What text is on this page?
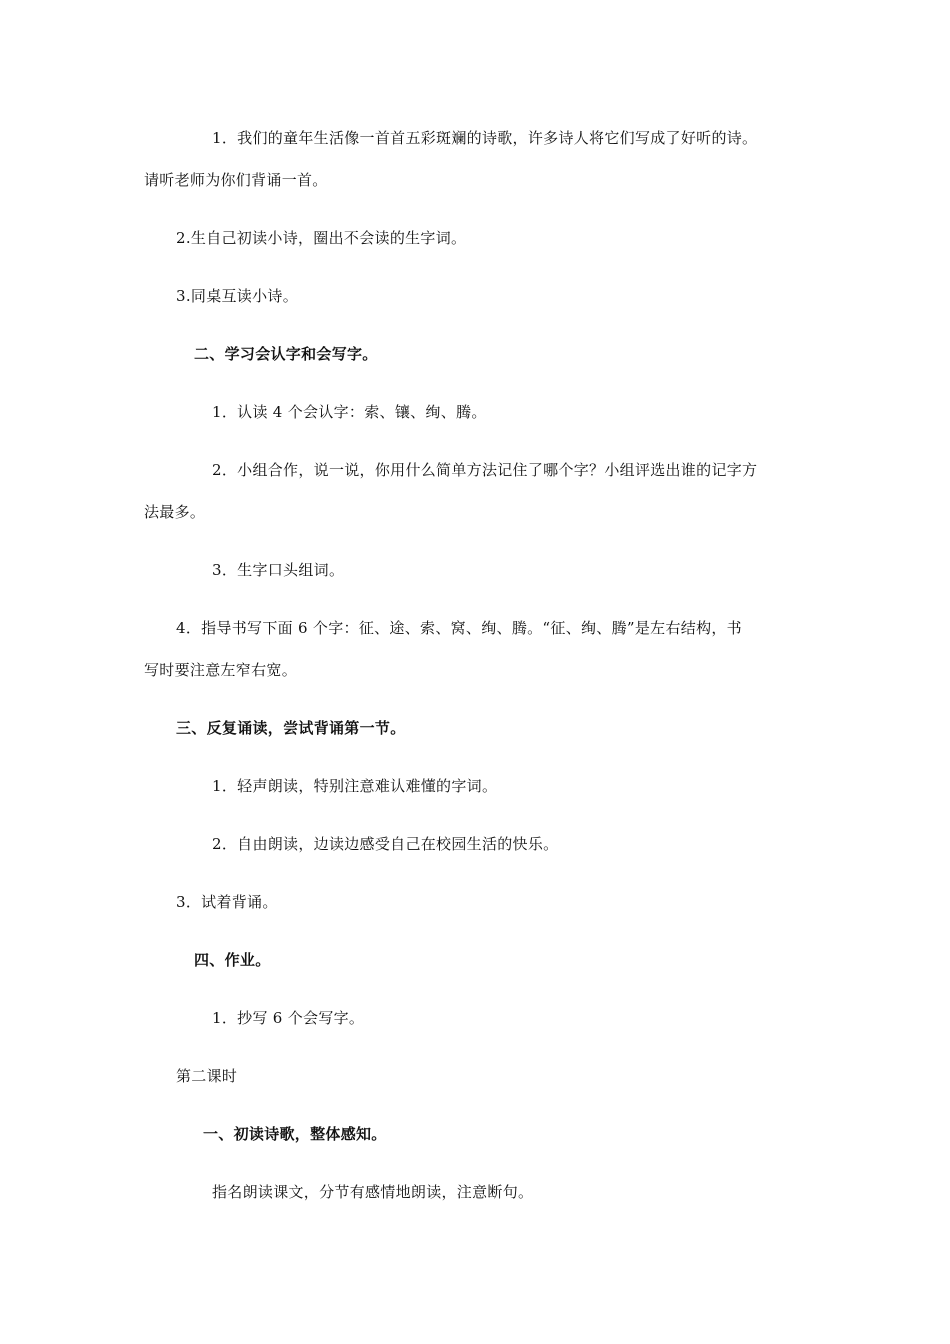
1．我们的童年生活像一首首五彩斑斓的诗歌，许多诗人将它们写成了好听的诗。
请听老师为你们背诵一首。
2.生自己初读小诗，圈出不会读的生字词。
3.同桌互读小诗。
二、学习会认字和会写字。
1．认读 4 个会认字：索、镶、绚、腾。
2．小组合作，说一说，你用什么简单方法记住了哪个字？小组评选出谁的记字方
法最多。
3．生字口头组词。
4．指导书写下面 6 个字：征、途、索、窝、绚、腾。“征、绚、腾”是左右结构，书
写时要注意左窄右宽。
三、反复诵读，尝试背诵第一节。
1．轻声朗读，特别注意难认难懂的字词。
2．自由朗读，边读边感受自己在校园生活的快乐。
3．试着背诵。
四、作业。
1．抄写 6 个会写字。
第二课时
一、初读诗歌，整体感知。
指名朗读课文，分节有感情地朗读，注意断句。
